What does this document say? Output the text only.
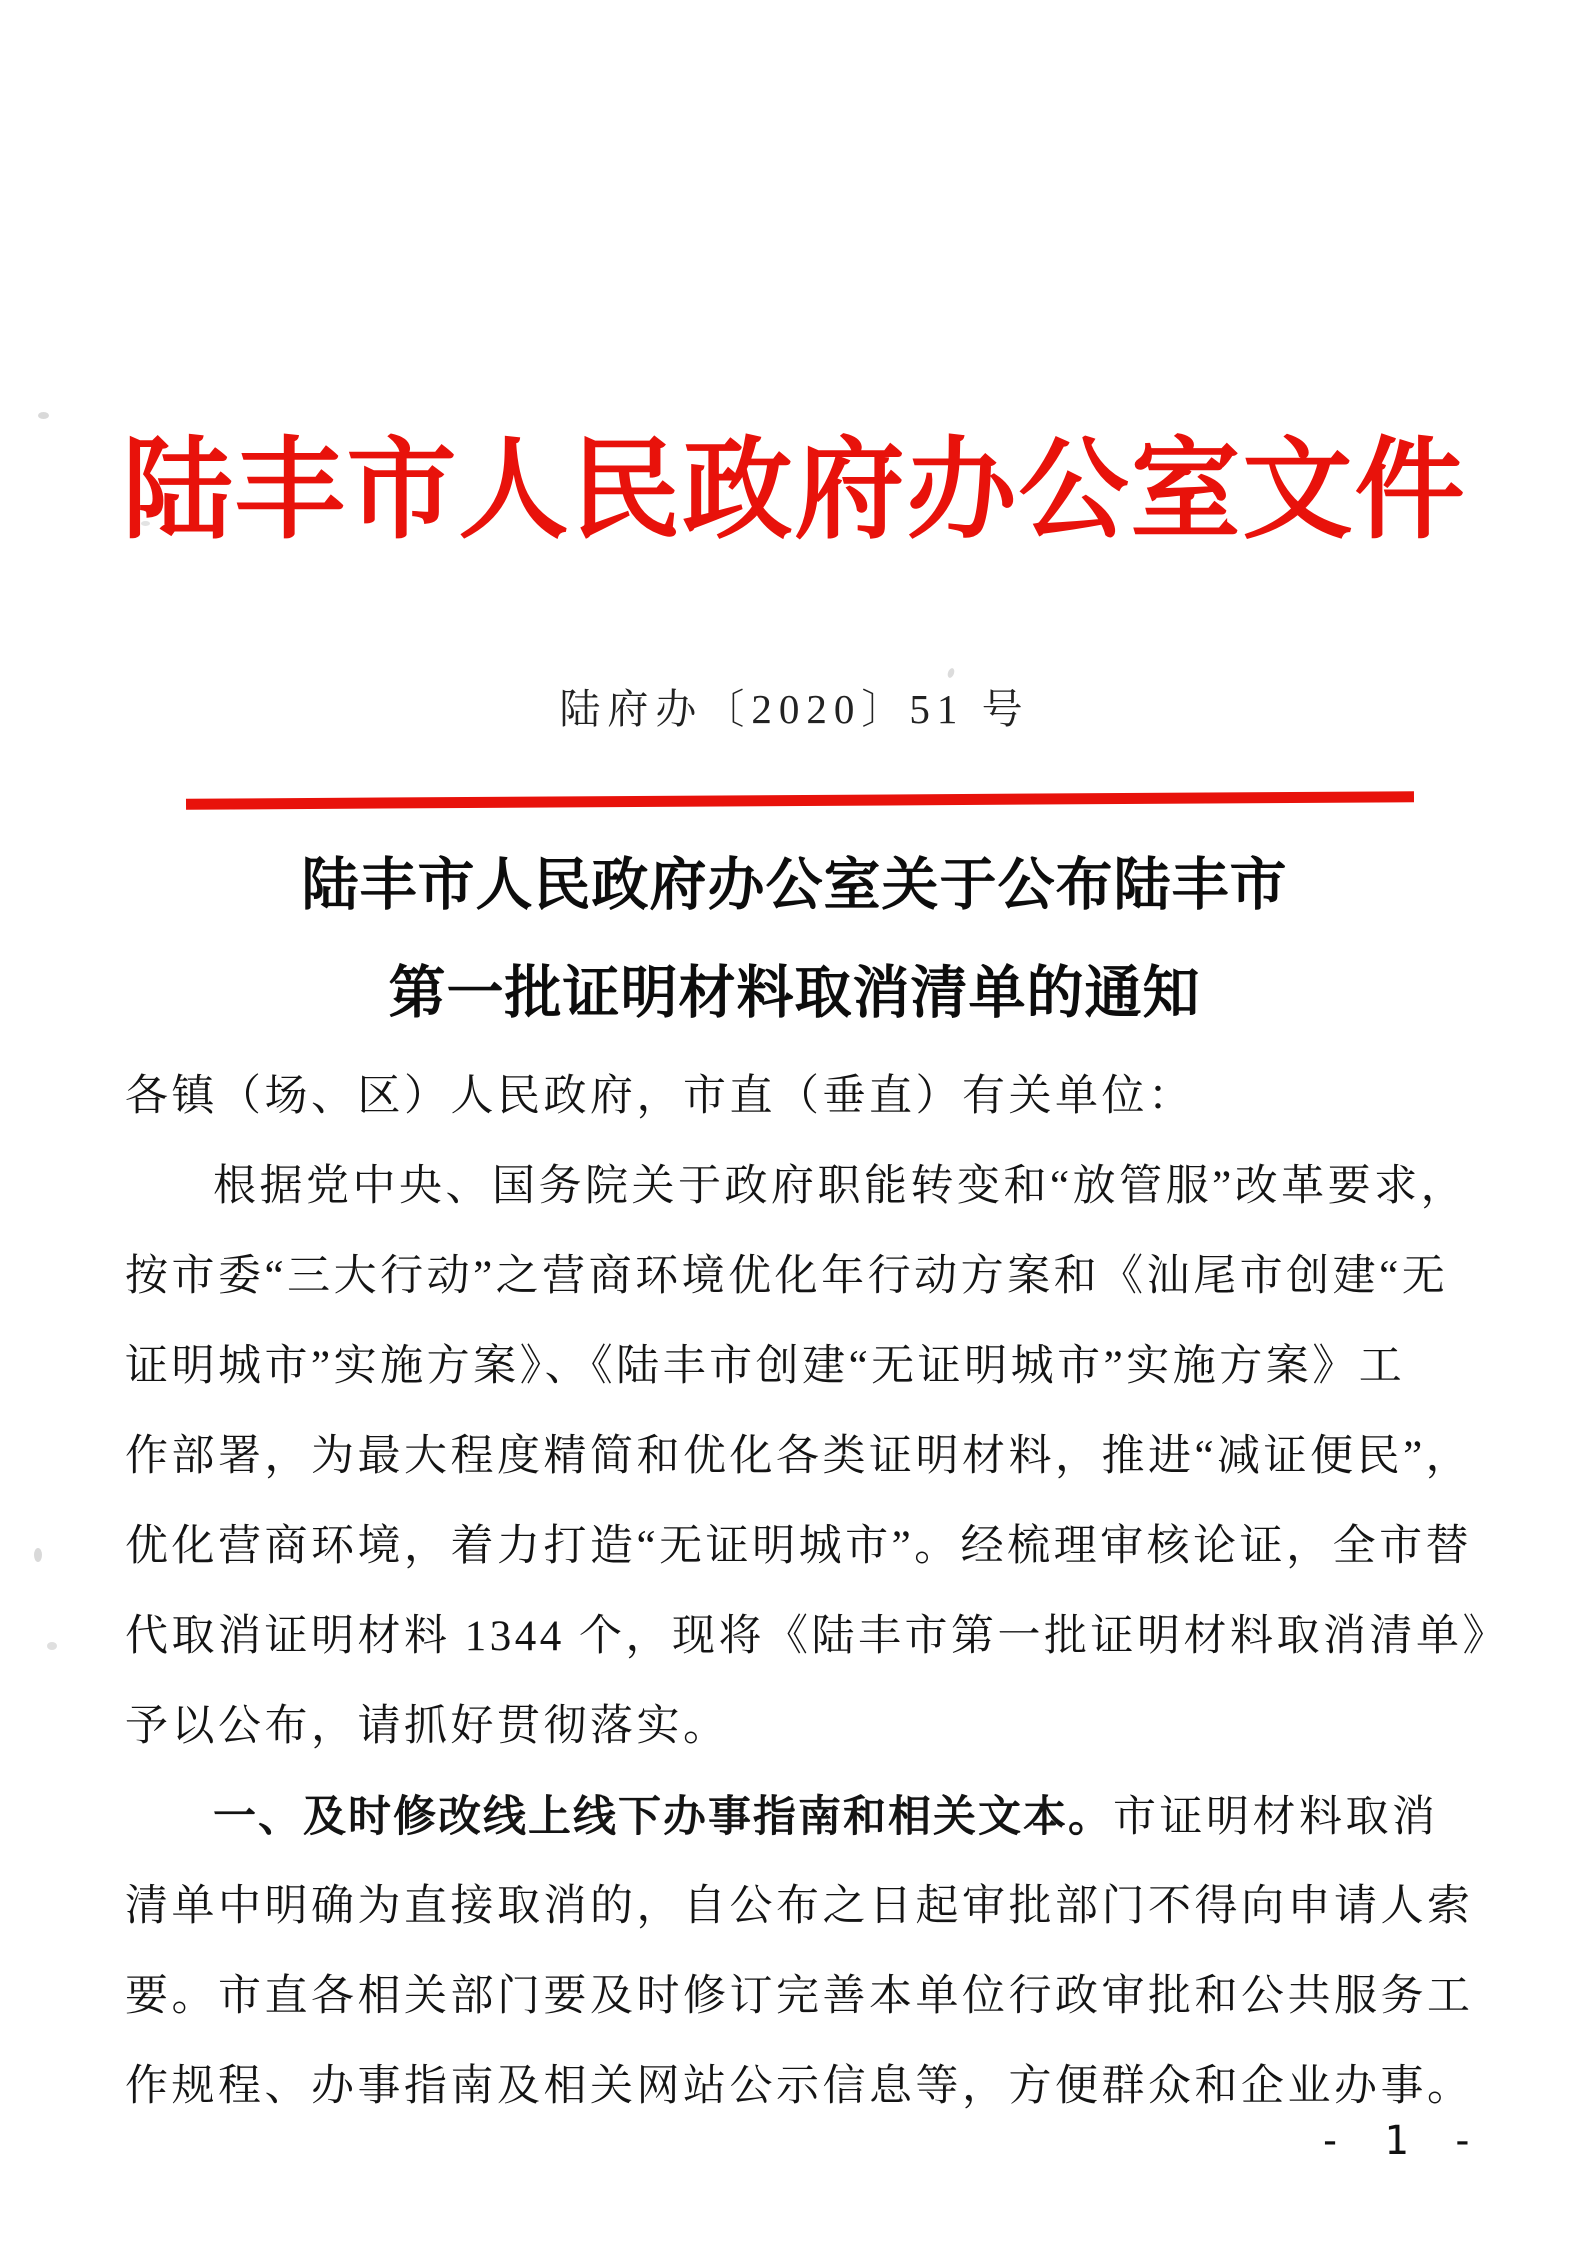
陆丰市人民政府办公室文件
陆府办〔2020〕51 号
陆丰市人民政府办公室关于公布陆丰市
第一批证明材料取消清单的通知
各镇（场、区）人民政府，市直（垂直）有关单位：
根据党中央、国务院关于政府职能转变和“放管服”改革要求，
按市委“三大行动”之营商环境优化年行动方案和《汕尾市创建“无
证明城市”实施方案》、《陆丰市创建“无证明城市”实施方案》工
作部署，为最大程度精简和优化各类证明材料，推进“减证便民”，
优化营商环境，着力打造“无证明城市”。经梳理审核论证，全市替
代取消证明材料 1344 个，现将《陆丰市第一批证明材料取消清单》
予以公布，请抓好贯彻落实。
一、及时修改线上线下办事指南和相关文本。市证明材料取消
清单中明确为直接取消的，自公布之日起审批部门不得向申请人索
要。市直各相关部门要及时修订完善本单位行政审批和公共服务工
作规程、办事指南及相关网站公示信息等，方便群众和企业办事。
- 1 -
